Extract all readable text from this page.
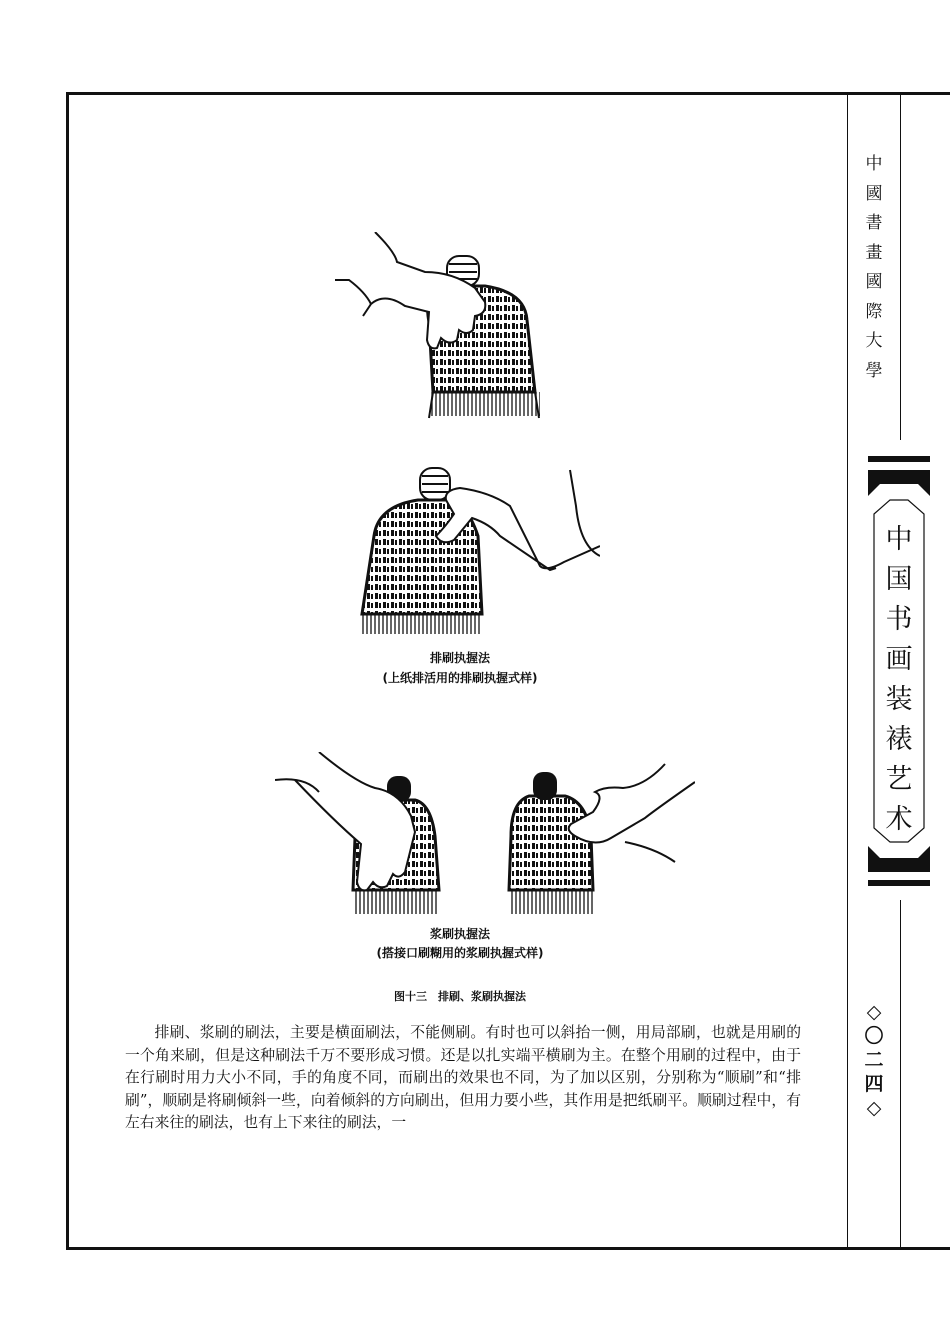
中
國
書
畫
國
際
大
學
中
国
书
画
装
裱
艺
术
◇
〇
二
四
◇
排刷执握法
(上纸排活用的排刷执握式样)
浆刷执握法
(搭接口刷糊用的浆刷执握式样)
图十三　排刷、浆刷执握法

排刷、浆刷的刷法，主要是横面刷法，不能侧刷。有时也可以斜抬一侧，用局部刷，也就是用刷的一个角来刷，但是这种刷法千万不要形成习惯。还是以扎实端平横刷为主。在整个用刷的过程中，由于在行刷时用力大小不同，手的角度不同，而刷出的效果也不同，为了加以区别，分别称为“顺刷”和“排刷”，顺刷是将刷倾斜一些，向着倾斜的方向刷出，但用力要小些，其作用是把纸刷平。顺刷过程中，有左右来往的刷法，也有上下来往的刷法，一
